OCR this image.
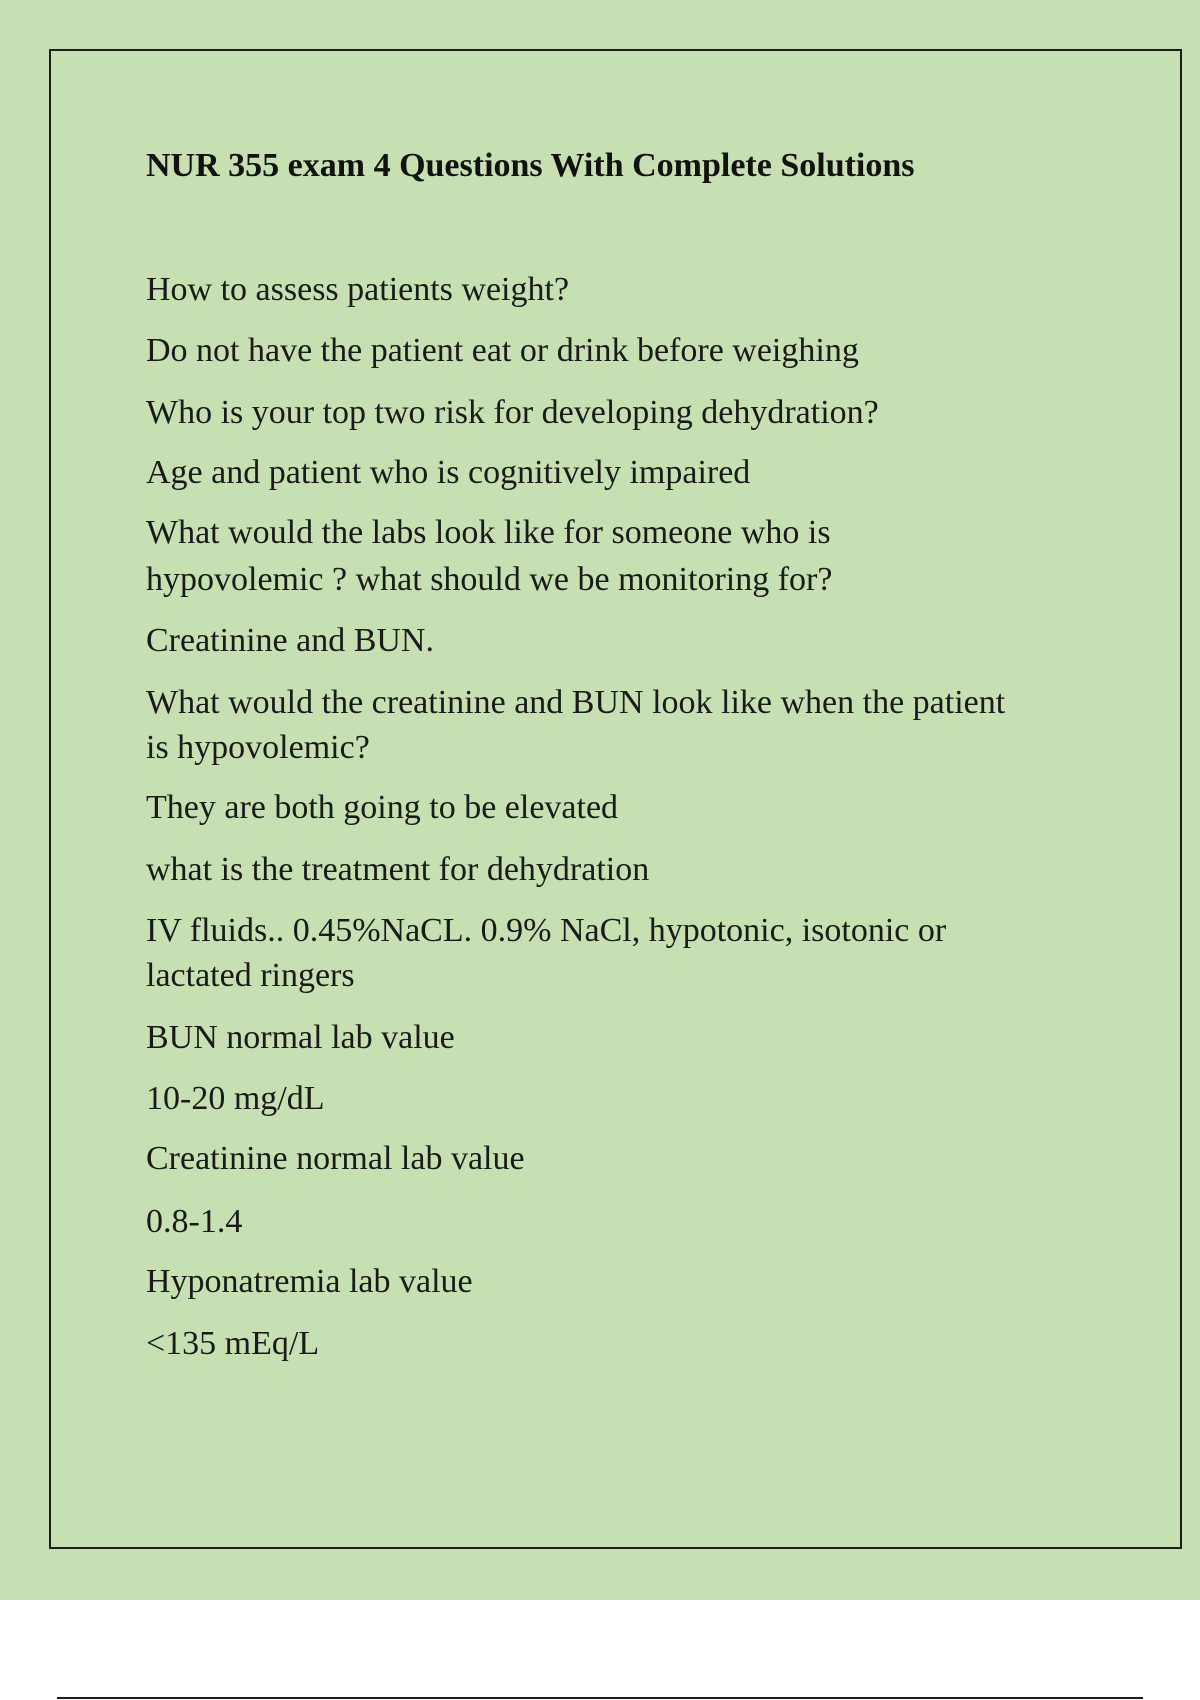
NUR 355 exam 4 Questions With Complete Solutions

How to assess patients weight?

Do not have the patient eat or drink before weighing

Who is your top two risk for developing dehydration?

Age and patient who is cognitively impaired

What would the labs look like for someone who is

hypovolemic ? what should we be monitoring for?

Creatinine and BUN.

What would the creatinine and BUN look like when the patient

is hypovolemic?

They are both going to be elevated

what is the treatment for dehydration

IV fluids.. 0.45%NaCL. 0.9% NaCl, hypotonic, isotonic or

lactated ringers

BUN normal lab value

10-20 mg/dL

Creatinine normal lab value

0.8-1.4

Hyponatremia lab value

<135 mEq/L
